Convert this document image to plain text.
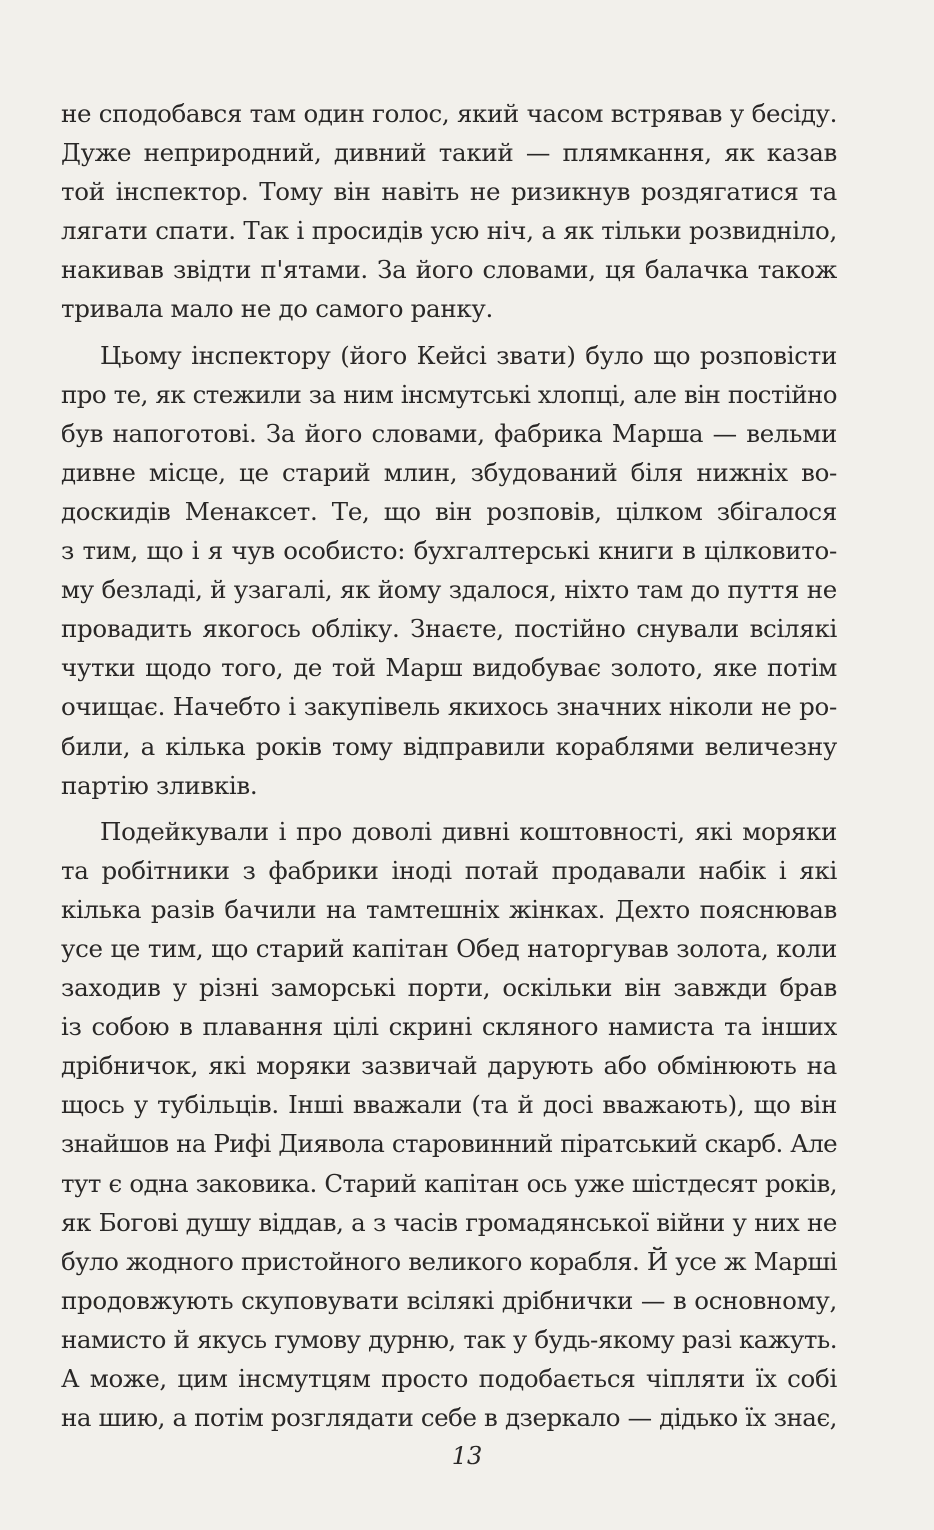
не сподобався там один голос, який часом встрявав у бесіду.
Дуже неприродний, дивний такий — плямкання, як казав
той інспектор. Тому він навіть не ризикнув роздягатися та
лягати спати. Так і просидів усю ніч, а як тільки розвиднілo,
накивав звідти п'ятами. За його словами, ця балачка також
тривала мало не до самого ранку.
Цьому інспектору (його Кейсі звати) було що розповісти
про те, як стежили за ним інсмутські хлопці, але він постійно
був напоготові. За його словами, фабрика Марша — вельми
дивне місце, це старий млин, збудований біля нижніх во-
доскидів Менаксет. Те, що він розповів, цілком збігалося
з тим, що і я чув особисто: бухгалтерські книги в цілковито-
му безладі, й узагалі, як йому здалося, ніхто там до пуття не
провадить якогось обліку. Знаєте, постійно снували всілякі
чутки щодо того, де той Марш видобуває золото, яке потім
очищає. Начебто і закупівель якихось значних ніколи не ро-
били, а кілька років тому відправили кораблями величезну
партію зливків.
Подейкували і про доволі дивні коштовності, які моряки
та робітники з фабрики іноді потай продавали набік і які
кілька разів бачили на тамтешніх жінках. Дехто пояснював
усе це тим, що старий капітан Обед наторгував золота, коли
заходив у різні заморські порти, оскільки він завжди брав
із собою в плавання цілі скрині скляного намиста та інших
дрібничок, які моряки зазвичай дарують або обмінюють на
щось у тубільців. Інші вважали (та й досі вважають), що він
знайшов на Рифі Диявола старовинний піратський скарб. Але
тут є одна заковика. Старий капітан ось уже шістдесят років,
як Богові душу віддав, а з часів громадянської війни у них не
було жодного пристойного великого корабля. Й усе ж Марші
продовжують скуповувати всілякі дрібнички — в основному,
намисто й якусь гумову дурню, так у будь-якому разі кажуть.
А може, цим інсмутцям просто подобається чіпляти їх собі
на шию, а потім розглядати себе в дзеркало — дідько їх знає,
13
